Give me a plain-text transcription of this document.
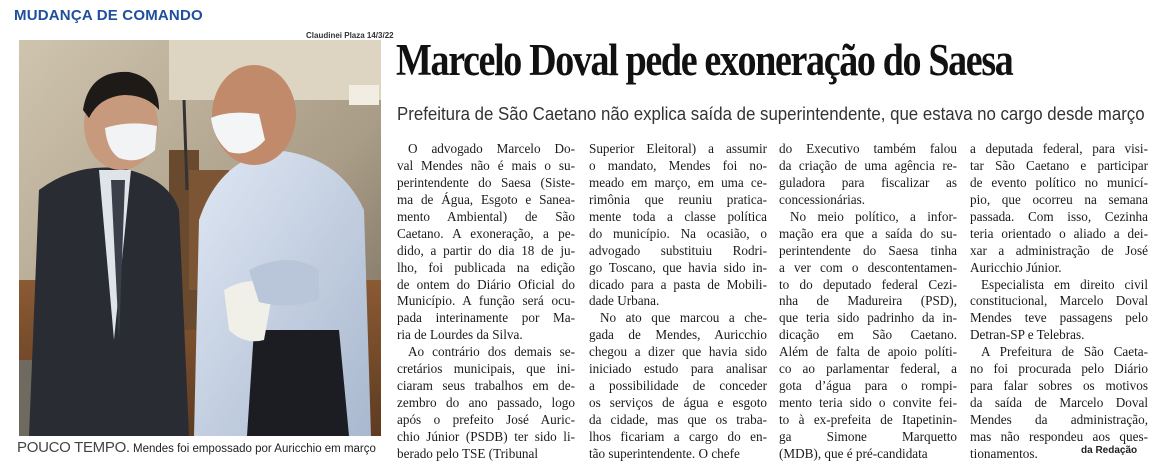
MUDANÇA DE COMANDO
Claudinei Plaza 14/3/22
POUCO TEMPO. Mendes foi empossado por Auricchio em março
Marcelo Doval pede exoneração do Saesa
Prefeitura de São Caetano não explica saída de superintendente, que estava no cargo desde março
O advogado Marcelo Do-
val Mendes não é mais o su-
perintendente do Saesa (Siste-
ma de Água, Esgoto e Sanea-
mento Ambiental) de São
Caetano. A exoneração, a pe-
dido, a partir do dia 18 de ju-
lho, foi publicada na edição
de ontem do Diário Oficial do
Município. A função será ocu-
pada interinamente por Ma-
ria de Lourdes da Silva.
Ao contrário dos demais se-
cretários municipais, que ini-
ciaram seus trabalhos em de-
zembro do ano passado, logo
após o prefeito José Auric-
chio Júnior (PSDB) ter sido li-
berado pelo TSE (Tribunal
Superior Eleitoral) a assumir
o mandato, Mendes foi no-
meado em março, em uma ce-
rimônia que reuniu pratica-
mente toda a classe política
do município. Na ocasião, o
advogado substituiu Rodri-
go Toscano, que havia sido in-
dicado para a pasta de Mobili-
dade Urbana.
No ato que marcou a che-
gada de Mendes, Auricchio
chegou a dizer que havia sido
iniciado estudo para analisar
a possibilidade de conceder
os serviços de água e esgoto
da cidade, mas que os traba-
lhos ficariam a cargo do en-
tão superintendente. O chefe
do Executivo também falou
da criação de uma agência re-
guladora para fiscalizar as
concessionárias.
No meio político, a infor-
mação era que a saída do su-
perintendente do Saesa tinha
a ver com o descontentamen-
to do deputado federal Cezi-
nha de Madureira (PSD),
que teria sido padrinho da in-
dicação em São Caetano.
Além de falta de apoio políti-
co ao parlamentar federal, a
gota d’água para o rompi-
mento teria sido o convite fei-
to à ex-prefeita de Itapetinin-
ga Simone Marquetto
(MDB), que é pré-candidata
a deputada federal, para visi-
tar São Caetano e participar
de evento político no municí-
pio, que ocorreu na semana
passada. Com isso, Cezinha
teria orientado o aliado a dei-
xar a administração de José
Auricchio Júnior.
Especialista em direito civil
constitucional, Marcelo Doval
Mendes teve passagens pelo
Detran-SP e Telebras.
A Prefeitura de São Caeta-
no foi procurada pelo Diário
para falar sobres os motivos
da saída de Marcelo Doval
Mendes da administração,
mas não respondeu aos ques-
tionamentos.	da Redação
